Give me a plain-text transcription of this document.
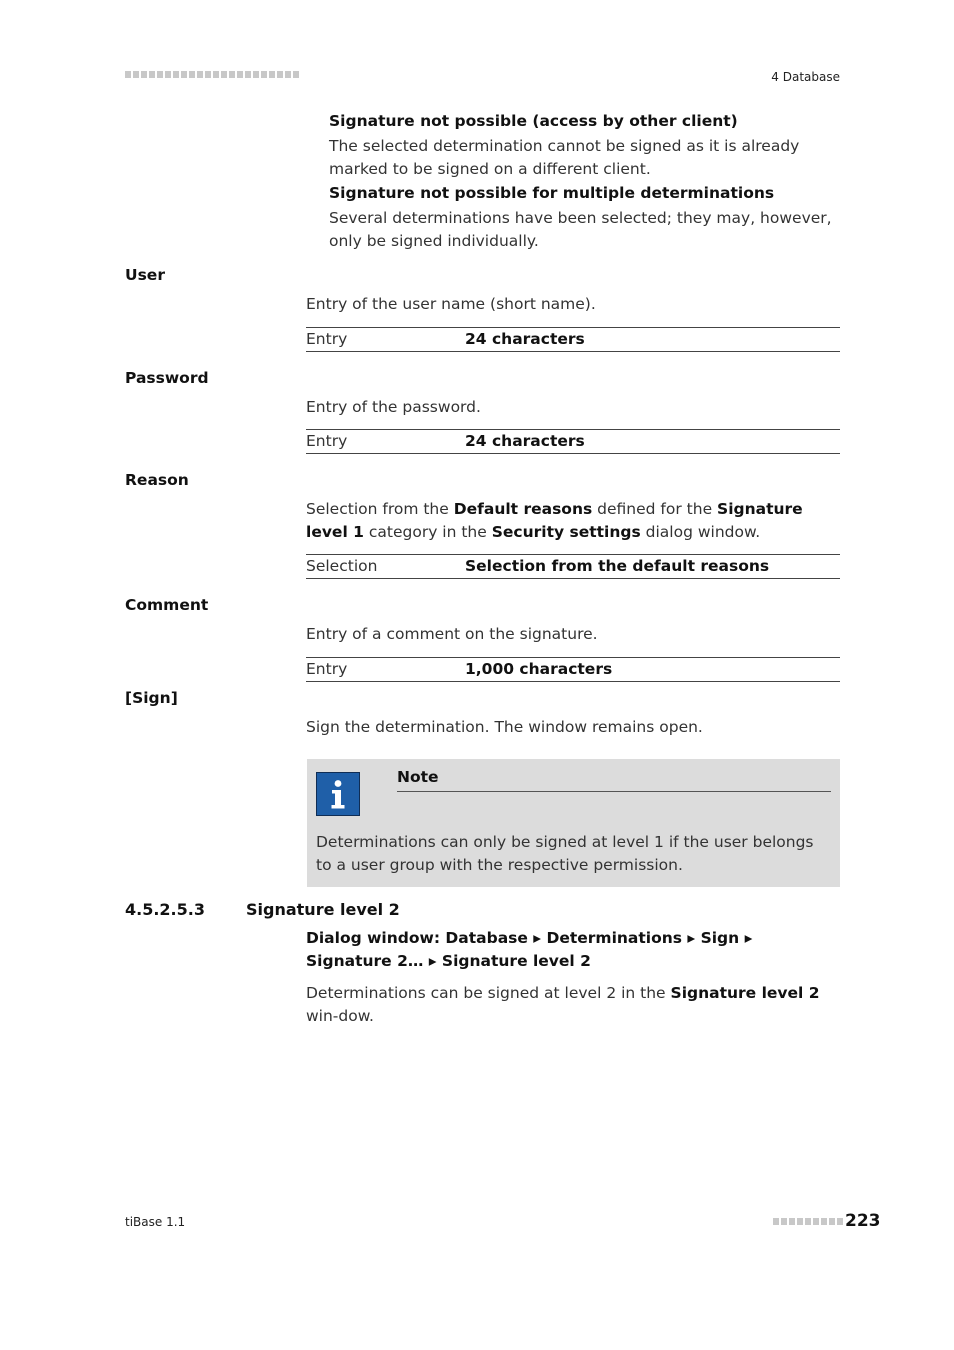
4 Database
Signature not possible (access by other client)
The selected determination cannot be signed as it is already marked to be signed on a different client.
Signature not possible for multiple determinations
Several determinations have been selected; they may, however, only be signed individually.
User
Entry of the user name (short name).
Entry	24 characters
Password
Entry of the password.
Entry	24 characters
Reason
Selection from the Default reasons defined for the Signature level 1 category in the Security settings dialog window.
Selection	Selection from the default reasons
Comment
Entry of a comment on the signature.
Entry	1,000 characters
[Sign]
Sign the determination. The window remains open.
Note
Determinations can only be signed at level 1 if the user belongs to a user group with the respective permission.
4.5.2.5.3	Signature level 2
Dialog window: Database ▸ Determinations ▸ Sign ▸ Signature 2… ▸ Signature level 2
Determinations can be signed at level 2 in the Signature level 2 win-dow.
tiBase 1.1	223
